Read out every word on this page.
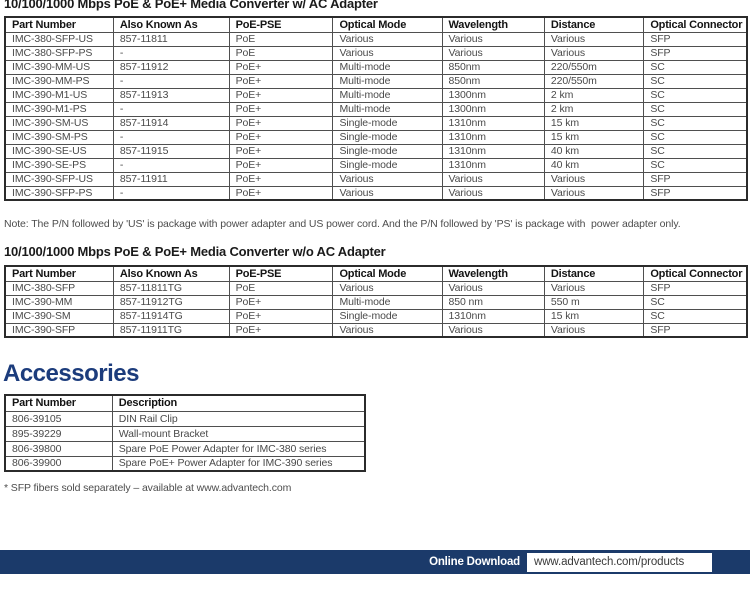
10/100/1000 Mbps PoE & PoE+ Media Converter w/ AC Adapter
Part Number	Also Known As	PoE-PSE	Optical Mode	Wavelength	Distance	Optical Connector
IMC-380-SFP-US	857-11811	PoE	Various	Various	Various	SFP
IMC-380-SFP-PS	-	PoE	Various	Various	Various	SFP
IMC-390-MM-US	857-11912	PoE+	Multi-mode	850nm	220/550m	SC
IMC-390-MM-PS	-	PoE+	Multi-mode	850nm	220/550m	SC
IMC-390-M1-US	857-11913	PoE+	Multi-mode	1300nm	2 km	SC
IMC-390-M1-PS	-	PoE+	Multi-mode	1300nm	2 km	SC
IMC-390-SM-US	857-11914	PoE+	Single-mode	1310nm	15 km	SC
IMC-390-SM-PS	-	PoE+	Single-mode	1310nm	15 km	SC
IMC-390-SE-US	857-11915	PoE+	Single-mode	1310nm	40 km	SC
IMC-390-SE-PS	-	PoE+	Single-mode	1310nm	40 km	SC
IMC-390-SFP-US	857-11911	PoE+	Various	Various	Various	SFP
IMC-390-SFP-PS	-	PoE+	Various	Various	Various	SFP
Note: The P/N followed by 'US' is package with power adapter and US power cord. And the P/N followed by 'PS' is package with  power adapter only.
10/100/1000 Mbps PoE & PoE+ Media Converter w/o AC Adapter
Part Number	Also Known As	PoE-PSE	Optical Mode	Wavelength	Distance	Optical Connector
IMC-380-SFP	857-11811TG	PoE	Various	Various	Various	SFP
IMC-390-MM	857-11912TG	PoE+	Multi-mode	850 nm	550 m	SC
IMC-390-SM	857-11914TG	PoE+	Single-mode	1310nm	15 km	SC
IMC-390-SFP	857-11911TG	PoE+	Various	Various	Various	SFP
Accessories
Part Number	Description
806-39105	DIN Rail Clip
895-39229	Wall-mount Bracket
806-39800	Spare PoE Power Adapter for IMC-380 series
806-39900	Spare PoE+ Power Adapter for IMC-390 series
* SFP fibers sold separately – available at www.advantech.com
Online Download	www.advantech.com/products
